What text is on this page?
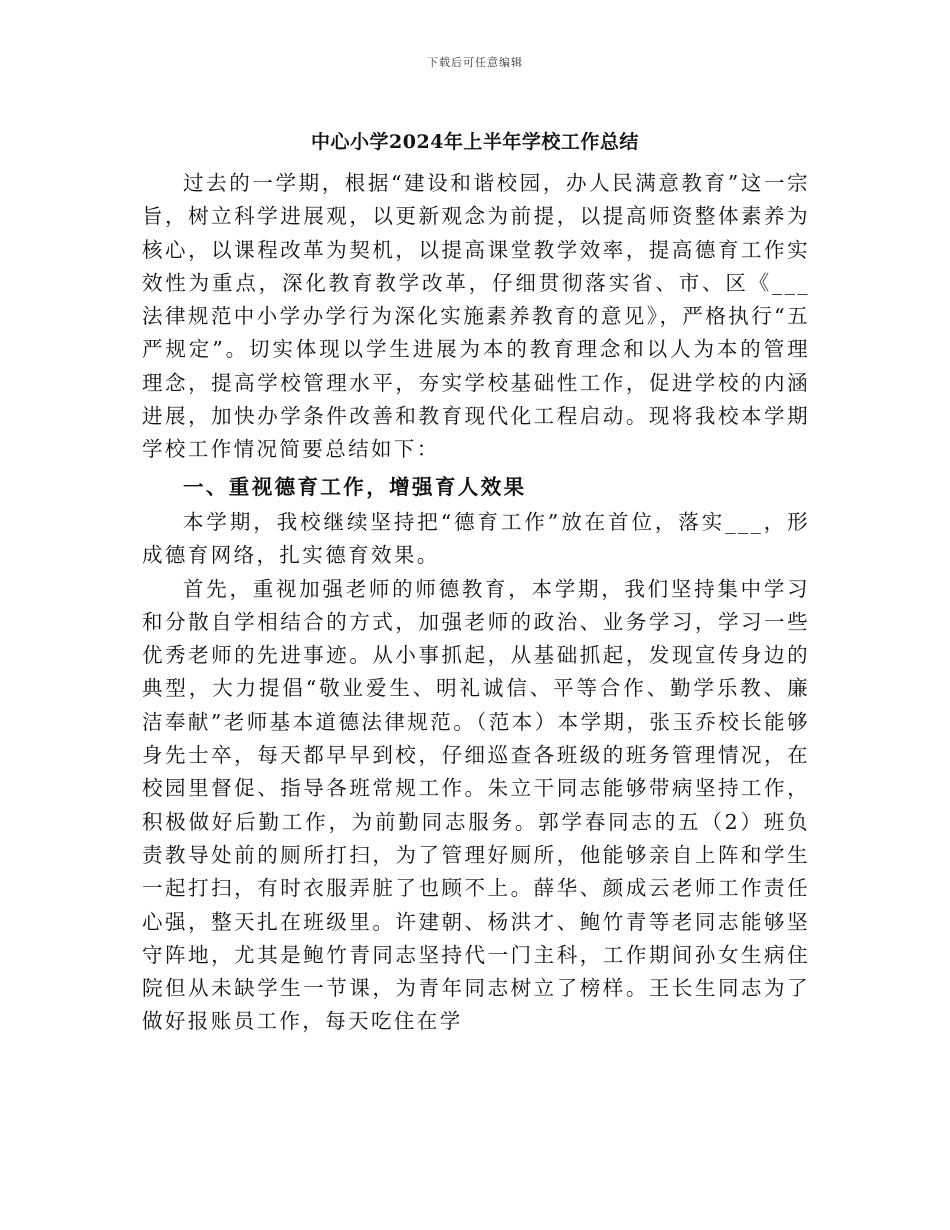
下载后可任意编辑
中心小学2024年上半年学校工作总结

过去的一学期，根据“建设和谐校园，办人民满意教育”这一宗旨，树立科学进展观，以更新观念为前提，以提高师资整体素养为核心，以课程改革为契机，以提高课堂教学效率，提高德育工作实效性为重点，深化教育教学改革，仔细贯彻落实省、市、区《___法律规范中小学办学行为深化实施素养教育的意见》，严格执行“五严规定”。切实体现以学生进展为本的教育理念和以人为本的管理理念，提高学校管理水平，夯实学校基础性工作，促进学校的内涵进展，加快办学条件改善和教育现代化工程启动。现将我校本学期学校工作情况简要总结如下：

一、重视德育工作，增强育人效果

本学期，我校继续坚持把“德育工作”放在首位，落实___，形成德育网络，扎实德育效果。

首先，重视加强老师的师德教育，本学期，我们坚持集中学习和分散自学相结合的方式，加强老师的政治、业务学习，学习一些优秀老师的先进事迹。从小事抓起，从基础抓起，发现宣传身边的典型，大力提倡“敬业爱生、明礼诚信、平等合作、勤学乐教、廉洁奉献”老师基本道德法律规范。（范本）本学期，张玉乔校长能够身先士卒，每天都早早到校，仔细巡查各班级的班务管理情况，在校园里督促、指导各班常规工作。朱立干同志能够带病坚持工作，积极做好后勤工作，为前勤同志服务。郭学春同志的五（2）班负责教导处前的厕所打扫，为了管理好厕所，他能够亲自上阵和学生一起打扫，有时衣服弄脏了也顾不上。薛华、颜成云老师工作责任心强，整天扎在班级里。许建朝、杨洪才、鲍竹青等老同志能够坚守阵地，尤其是鲍竹青同志坚持代一门主科，工作期间孙女生病住院但从未缺学生一节课，为青年同志树立了榜样。王长生同志为了做好报账员工作，每天吃住在学
